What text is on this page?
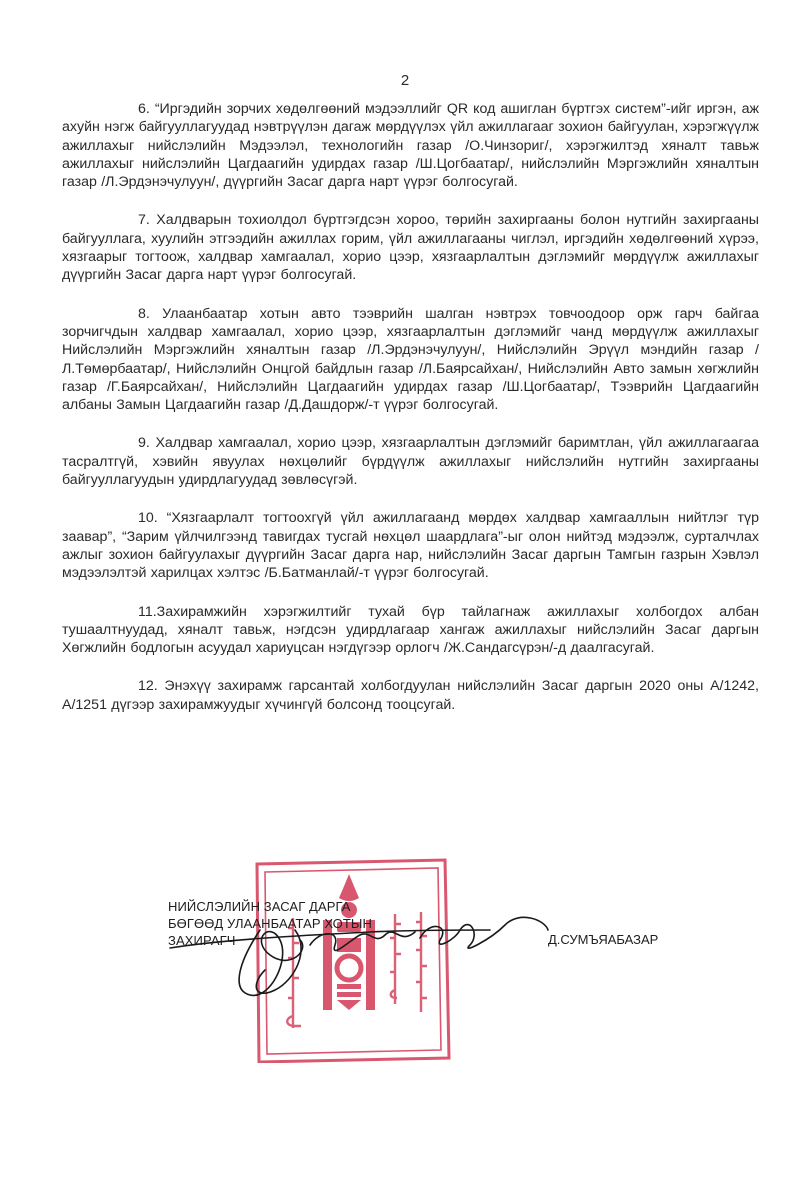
2

6. “Иргэдийн зорчих хөдөлгөөний мэдээллийг QR код ашиглан бүртгэх систем”-ийг иргэн, аж ахуйн нэгж байгууллагуудад нэвтрүүлэн дагаж мөрдүүлэх үйл ажиллагааг зохион байгуулан, хэрэгжүүлж ажиллахыг нийслэлийн Мэдээлэл, технологийн газар /О.Чинзориг/, хэрэгжилтэд хяналт тавьж ажиллахыг нийслэлийн Цагдаагийн удирдах газар /Ш.Цогбаатар/, нийслэлийн Мэргэжлийн хяналтын газар /Л.Эрдэнэчулуун/, дүүргийн Засаг дарга нарт үүрэг болгосугай.

7. Халдварын тохиолдол бүртгэгдсэн хороо, төрийн захиргааны болон нутгийн захиргааны байгууллага, хуулийн этгээдийн ажиллах горим, үйл ажиллагааны чиглэл, иргэдийн хөдөлгөөний хүрээ, хязгаарыг тогтоож, халдвар хамгаалал, хорио цээр, хязгаарлалтын дэглэмийг мөрдүүлж ажиллахыг дүүргийн Засаг дарга нарт үүрэг болгосугай.

8. Улаанбаатар хотын авто тээврийн шалган нэвтрэх товчоодоор орж гарч байгаа зорчигчдын халдвар хамгаалал, хорио цээр, хязгаарлалтын дэглэмийг чанд мөрдүүлж ажиллахыг Нийслэлийн Мэргэжлийн хяналтын газар /Л.Эрдэнэчулуун/, Нийслэлийн Эрүүл мэндийн газар /Л.Төмөрбаатар/, Нийслэлийн Онцгой байдлын газар /Л.Баярсайхан/, Нийслэлийн Авто замын хөгжлийн газар /Г.Баярсайхан/, Нийслэлийн Цагдаагийн удирдах газар /Ш.Цогбаатар/, Тээврийн Цагдаагийн албаны Замын Цагдаагийн газар /Д.Дашдорж/-т үүрэг болгосугай.

9. Халдвар хамгаалал, хорио цээр, хязгаарлалтын дэглэмийг баримтлан, үйл ажиллагаагаа тасралтгүй, хэвийн явуулах нөхцөлийг бүрдүүлж ажиллахыг нийслэлийн нутгийн захиргааны байгууллагуудын удирдлагуудад зөвлөсүгэй.

10. “Хязгаарлалт тогтоохгүй үйл ажиллагаанд мөрдөх халдвар хамгааллын нийтлэг түр заавар”, “Зарим үйлчилгээнд тавигдах тусгай нөхцөл шаардлага”-ыг олон нийтэд мэдээлж, сурталчлах ажлыг зохион байгуулахыг дүүргийн Засаг дарга нар, нийслэлийн Засаг даргын Тамгын газрын Хэвлэл мэдээлэлтэй харилцах хэлтэс /Б.Батманлай/-т үүрэг болгосугай.

11.Захирамжийн хэрэгжилтийг тухай бүр тайлагнаж ажиллахыг холбогдох албан тушаалтнуудад, хяналт тавьж, нэгдсэн удирдлагаар хангаж ажиллахыг нийслэлийн Засаг даргын Хөгжлийн бодлогын асуудал хариуцсан нэгдүгээр орлогч /Ж.Сандагсүрэн/-д даалгасугай.

12. Энэхүү захирамж гарсантай холбогдуулан нийслэлийн Засаг даргын 2020 оны А/1242, А/1251 дүгээр захирамжуудыг хүчингүй болсонд тооцсугай.

НИЙСЛЭЛИЙН ЗАСАГ ДАРГА
БӨГӨӨД УЛААНБААТАР ХОТЫН
ЗАХИРАГЧ	Д.СУМЪЯАБАЗАР
